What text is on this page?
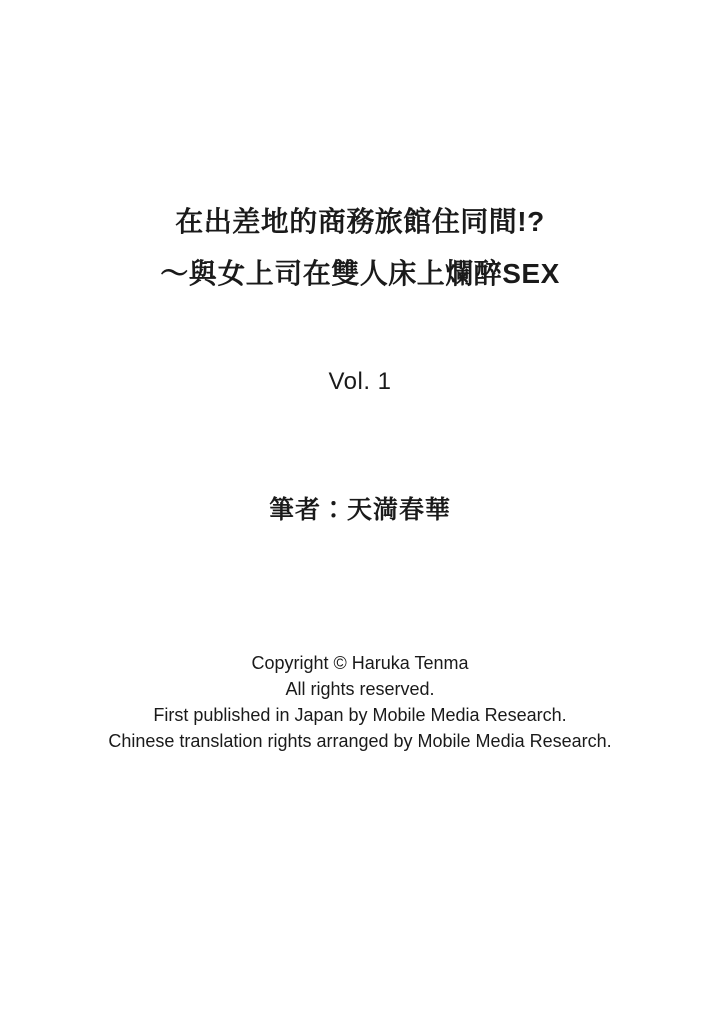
在出差地的商務旅館住同間!?
～與女上司在雙人床上爛醉SEX
Vol. 1
筆者：天満春華
Copyright © Haruka Tenma
All rights reserved.
First published in Japan by Mobile Media Research.
Chinese translation rights arranged by Mobile Media Research.
